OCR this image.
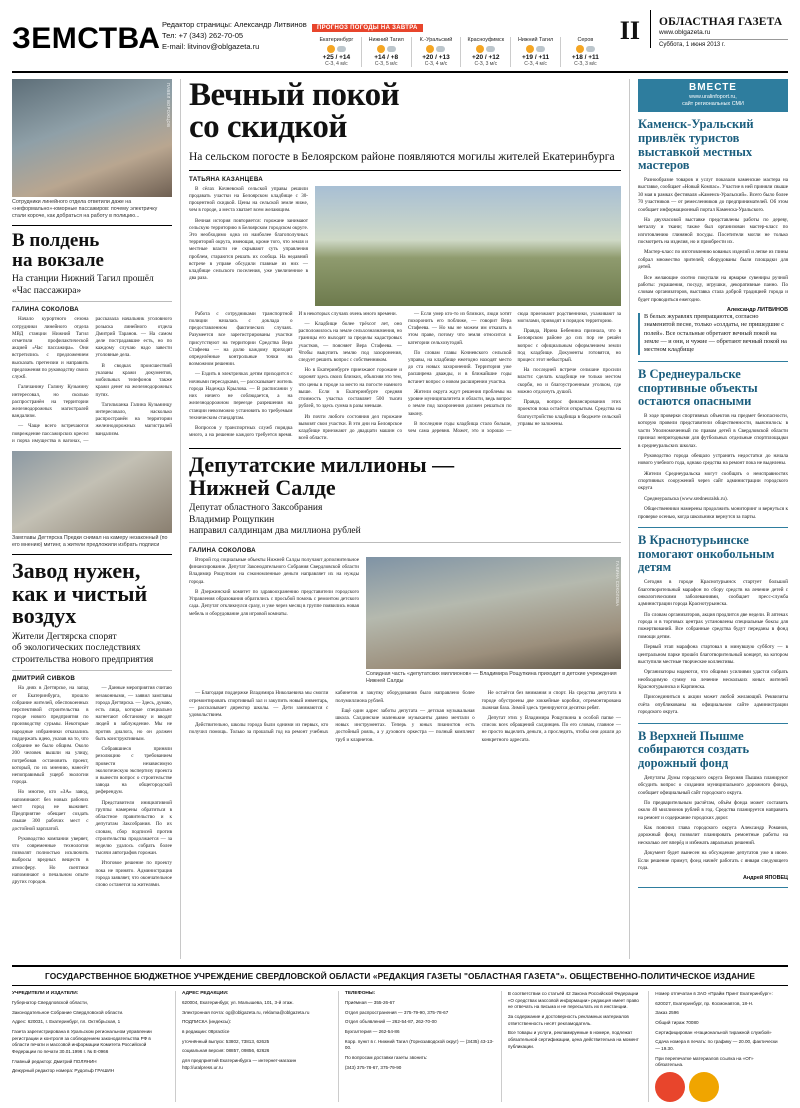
ЗЕМСТВА Редактор страницы: Александр Литвинов
Тел: +7 (343) 262-70-05
E-mail: litvinov@oblgazeta.ru
ПРОГНОЗ ПОГОДЫ НА ЗАВТРА
Екатеринбург
+25 / +14
С-З, 4 м/с
Нижний Тагил
+14 / +8
С-З, 5 м/с
К.-Уральский
+20 / +13
С-З, 4 м/с
Красноуфимск
+20 / +12
С-З, 3 м/с
Нижний Тагил
+19 / +11
С-З, 4 м/с
Серов
+18 / +11
С-З, 3 м/с
II	ОБЛАСТНАЯ ГАЗЕТА
www.oblgazeta.ru
Суббота, 1 июня 2013 г.
ПАВЕЛ ВОРОЖЦОВ
Сотрудники линейного отдела ответили даже на «неформально»-юморные пассажиров: почему электричку стали короче, как добраться на работу в полицию...
В полдень
на вокзале
На станции Нижний Тагил прошёл «Час пассажира»
ГАЛИНА СОКОЛОВА

Начало курортного сезона сотрудники линейного отдела МВД станции Нижний Тагил отметили профилактической акцией «Час пассажира». Они встретились с предложением высказать претензии и направить предложения по руководству своих служб.

Галичанину Галину Кузьмину интересовал, но сколько распространён на территории железнодорожных магистралей вандализм.

— Чаще всего встречаются повреждение пассажирских кресел и порча имущества в вагонах, — рассказала начальник уголовного розыска линейного отдела Дмитрий Таранов. — На самом деле пострадавшие есть, но по каждому случаю надо завести уголовные дела.

В сводках происшествий указаны кражи документов, мобильных телефонов также кражи денег на железнодорожных путях.

Тагильчанка Галина Кузьминцу интересовало, насколько распространён на территории железнодорожных магистралей вандализм.

Замглавы Дегтярска Предки снимал на камеру незаконный (по его мнению) митинг, а жители предложили избрать подписи
Завод нужен,
как и чистый воздух
Жители Дегтярска спорят
об экологических последствиях
строительства нового предприятия
ДМИТРИЙ СИВКОВ

На днях в Дегтярске, на запад от Екатеринбурга, прошло собрание жителей, обеспокоенных перспективой строительства в городе нового предприятия по производству сурьмы. Некоторые народные избранники отказались поддержать идею, указав на то, что собрание не было общим. Около 200 человек вышли на улицу, потребовав остановить проект, который, по их мнению, нанесёт непоправимый ущерб экологии города.

Но многие, кто «ЗА» завод, напоминают: без новых рабочих мест город не выживет. Предприятие обещает создать свыше 300 рабочих мест с достойной зарплатой.

Руководство компании уверяет, что современные технологии позволят полностью исключить выбросы вредных веществ в атмосферу. Но скептики напоминают о печальном опыте других городов.

— Данные мероприятия считаю незаконными, — заявил замглавы города Дегтярска. — Здесь, думаю, есть лица, которые специально нагнетают обстановку и вводят людей в заблуждение. Мы не против диалога, но он должен быть конструктивным.

Собравшиеся приняли резолюцию с требованием провести независимую экологическую экспертизу проекта и вынести вопрос о строительстве завода на общегородской референдум.

Представители инициативной группы намерены обратиться в областное правительство и к депутатам Заксобрания. По их словам, сбор подписей против строительства продолжается — за неделю удалось собрать более тысячи автографов горожан.

Итоговое решение по проекту пока не принято. Администрация города заявляет, что окончательное слово останется за жителями.

Вечный покой
со скидкой
На сельском погосте в Белоярском районе появляются могилы жителей Екатеринбурга
ТАТЬЯНА КАЗАНЦЕВА

В сёлах Кочневской сельской управы решили продавать участки на Белоярском кладбище с 30-процентной скидкой. Цены на сельской земле ниже, чем в городе, а места хватает всем желающим.

Вечная история повторяется: горожане занимают сельскую территорию в Белоярском городском округе. Это необходимо одна из наиболее благополучных территорий округа, имеющая, кроме того, что земля и местные власти не скрывают суть управления проблем, стараются решать их сообща. На недавний встрече в управе обсудили главные из них — кладбище сельского поселения, уже увеличенное в два раза.

Работа с сотрудниками транспортной полиции началась с доклада о предоставленном фактических случаях. Разумеется все зарегистрированы участки присутствуют на территории Средства Вера Стафеева — на долю каждому приходят определённые контрольные точки на возможном решении.

— Ездить в электричках детям приходится с ночными пересадками, — рассказывает житель города Надежда Крылова. — В расписании у них ничего не соблюдается, а на железнодорожном переезде разрешения на станции невозможно установить по требуемым техническим стандартам.

Вопросов у транспортных служб порядка много, а на решение каждого требуется время. И в некоторых случаях очень много времени.

— Кладбище более трёхсот лет, оно расположилось на земле сельхозназначения, но границы его выходят за пределы кадастровых участков, — поясняет Вера Стафеева. — Чтобы выкупить землю под захоронения, следует решить вопрос с собственником.

Но в Екатеринбурге приезжают горожане и хоронят здесь своих близких, объясняя это тем, что цены в городе за место на погосте намного выше. Если в Екатеринбурге средняя стоимость участка составляет 500 тысяч рублей, то здесь сумма в разы меньше.

Из почти любого состояния дел горожане вывозят свои участки. В эти дни на Белоярское кладбище приезжают до двадцати машин со всей области.

— Если умер кто-то из близких, люди хотят похоронить его поближе, — говорит Вера Стафеева. — Но мы не можем им отказать в этом праве, потому что земля относится к категории сельхозугодий.

По словам главы Кочневского сельской управы, на кладбище ежегодно находят место до ста новых захоронений. Территория уже расширена дважды, и в ближайшие годы встанет вопрос о новом расширении участка.

Жители округа ждут решения проблемы на уровне муниципалитета и области, ведь вопрос о земле под захоронения должен решаться по закону.

В последние годы кладбища стало больше, чем сама деревня. Может, это и хорошо — сюда приезжают родственники, ухаживают за могилами, приводят в порядок территорию.

Правда, Ирина Бебенина признала, что в Белоярском районе до сих пор не решён вопрос с официальным оформлением земли под кладбище. Документы готовятся, но процесс этот небыстрый.

На последней встрече сельчане просили власти: сделать кладбище не только местом скорби, но и благоустроенным уголком, где можно отдохнуть душой.

Правда, вопрос финансирования этих проектов пока остаётся открытым. Средства на благоустройство кладбища в бюджете сельской управы не заложены.

Депутатские миллионы —
Нижней Салде
Депутат областного Заксобрания
Владимир Рощупкин
направил салдинцам два миллиона рублей
ГАЛИНА СОКОЛОВА

Второй год социальные объекты Нижней Салды получают дополнительное финансирование. Депутат Законодательного Собрания Свердловской области Владимир Рощупкин на сэкономленные деньги направляет их на нужды города.

В Дзержинский комитет по здравоохранению представители городского Управления образования обратились с просьбой помочь с ремонтом детского сада. Депутат откликнулся сразу, и уже через месяц в группе появились новая мебель и оборудование для игровой комнаты.

ГАЛИНА СОКОЛОВА
Солидная часть «депутатских миллионов» — Владимира Рощупкина приходит в детские учреждения Нижней Салды

— Благодаря поддержке Владимира Николаевича мы смогли отремонтировать спортивный зал и закупить новый инвентарь, — рассказывает директор школы. — Дети занимаются с удовольствием.

Действительно, школы города были одними из первых, кто получил помощь. Только за прошлый год на ремонт учебных кабинетов и закупку оборудования было направлено более полумиллиона рублей.

Ещё один адрес заботы депутата — детская музыкальная школа. Салдинские маленькие музыканты давно мечтали о новых инструментах. Теперь у юных пианистов есть достойный рояль, а у духового оркестра — полный комплект труб и кларнетов.

Не остаётся без внимания и спорт. На средства депутата в городе обустроены две хоккейные коробки, отремонтирована лыжная база. Зимой здесь тренируются десятки ребят.

Депутат этих у Владимира Рощупкина в особой папке — список всех обращений салдинцев. По его словам, главное — не просто выделить деньги, а проследить, чтобы они дошли до конкретного адресата.

ВМЕСТЕ
www.uralinfoport.ru,
сайт региональных СМИ
Каменск-Уральский привлёк туристов выставкой местных мастеров

Разнообразие товаров и услуг показали каменские мастера на выставке, сообщает «Новый Компас». Участие в ней приняли свыше 30 мая в рамках фестиваля «Каменск-Уральский». Всего было более 70 участников — от ремесленников до предпринимателей. Об этом сообщает информационный портал Каменска-Уральского.

На двухчасовой выставке представлены работы по дереву, металлу и ткани; также был организован мастер-класс по изготовлению глиняной посуды. Посетители могли не только посмотреть на изделия, но и приобрести их.

Мастер-класс по изготовлению кованых изделий и лепке из глины собрал множество зрителей; оборудованы были площадки для детей.

Все желающие охотно покупали на ярмарке сувениры ручной работы: украшения, посуду, игрушки, декоративные панно. По словам организаторов, выставка стала доброй традицией города и будет проводиться ежегодно.

Александр ЛИТВИНОВ
В белых журавлях превращаются, согласно знаменитой песне, только «солдаты, не пришедшие с полей». Все остальные обретают вечный покой на земле — и они, и чужие — обретают вечный покой на местном кладбище
В Среднеуральске спортивные объекты остаются опасными

В ходе проверки спортивных объектов на предмет безопасности, которую провели представители общественности, выяснилось: в части Уполномоченный по правам детей в Свердловской области признал непригодными для футбольных отдельные спортплощадки в среднеуральских школах.

Руководство города обещало устранить недостатки до начала нового учебного года, однако средства на ремонт пока не выделены.

Жители Среднеуральска могут сообщать о неисправностях спортивных сооружений через сайт администрации городского округа

Среднеуральска (www.sredneuralsk.ru).

Общественники намерены продолжить мониторинг и вернуться к проверке осенью, когда школьники вернутся за парты.

В Краснотурьинске помогают онкобольным детям

Сегодня в городе Краснотурьинск стартует большой благотворительный марафон по сбору средств на лечение детей с онкологическими заболеваниями, сообщает пресс-служба администрации города Краснотурьинска.

По словам организаторов, акция продлится две недели. В аптеках города и в торговых центрах установлены специальные боксы для пожертвований. Все собранные средства будут переданы в фонд помощи детям.

Первый этап марафона стартовал в минувшую субботу — в центральном парке прошёл благотворительный концерт, на котором выступили местные творческие коллективы.

Организаторы надеются, что общими усилиями удастся собрать необходимую сумму на лечение нескольких юных жителей Краснотурьинска и Карпинска.

Присоединиться к акции может любой желающий. Реквизиты счёта опубликованы на официальном сайте администрации городского округа.

В Верхней Пышме собираются создать дорожный фонд

Депутаты Думы городского округа Верхняя Пышма планируют обсудить вопрос о создании муниципального дорожного фонда, сообщает официальный сайт городского округа.

По предварительным расчётам, объём фонда может составить около 40 миллионов рублей в год. Средства планируется направить на ремонт и содержание городских дорог.

Как пояснил глава городского округа Александр Романов, дорожный фонд позволит планировать ремонтные работы на несколько лет вперёд и избежать авральных решений.

Документ будет вынесен на обсуждение депутатов уже в июне. Если решение примут, фонд начнёт работать с января следующего года.

Андрей ЯПОВЕЦ
ГОСУДАРСТВЕННОЕ БЮДЖЕТНОЕ УЧРЕЖДЕНИЕ СВЕРДЛОВСКОЙ ОБЛАСТИ «РЕДАКЦИЯ ГАЗЕТЫ "ОБЛАСТНАЯ ГАЗЕТА"». ОБЩЕСТВЕННО-ПОЛИТИЧЕСКОЕ ИЗДАНИЕ
УЧРЕДИТЕЛИ И ИЗДАТЕЛИ:

Губернатор Свердловской области,

Законодательное Собрание Свердловской области.

Адрес: 620031, г. Екатеринбург, пл. Октябрьская, 1

Газета зарегистрирована в Уральском региональном управлении регистрации и контроля за соблюдением законодательства РФ в области печати и массовой информации Комитета Российской Федерации по печати 30.01.1996 г. № Е-0966

Главный редактор: Дмитрий ПОЛЯНИН

Дежурный редактор номера: Рудольф ГРАШИН

АДРЕС РЕДАКЦИИ:

620004, Екатеринбург, ул. Малышева, 101, 3-й этаж.

Электронная почта: og@oblgazeta.ru, reklama@oblgazeta.ru

ПОДПИСКА (индексы):

в редакции: 08practice

уточнённый выпуск: 53802, 73813, 62625

социальная версия: 08857, 09856, 62626

для предприятий Екатеринбурга — интернет-магазин http://uralpress.ur.ru

ТЕЛЕФОНЫ:

Приёмная — 355-26-67

Отдел распространения — 375-79-90, 375-78-67

Отдел объявлений — 262-54-87, 262-70-00

Бухгалтерия — 262-54-86

Корр. пункт в г. Нижний Тагил (Горнозаводской округ) — (3435) 43-13-00.

По вопросам доставки газеты звонить:

(343) 375-78-67, 375-79-90

В соответствии со статьёй 42 Закона Российской Федерации «О средствах массовой информации» редакция имеет право не отвечать на письма и не пересылать их в инстанции.

За содержание и достоверность рекламных материалов ответственность несёт рекламодатель.

Все товары и услуги, рекламируемые в номере, подлежат обязательной сертификации, цена действительна на момент публикации.

Номер отпечатан в ЗАО «Прайм Принт Екатеринбург»:

620027, Екатеринбург, пр. Космонавтов, 18-Н.

Заказ 2596

Общий тираж 70080

Сертифицирован «Национальной тиражной службой»

Сдача номера в печать: по графику — 20.00, фактически — 19.30.

При перепечатке материалов ссылка на «ОГ» обязательна.
